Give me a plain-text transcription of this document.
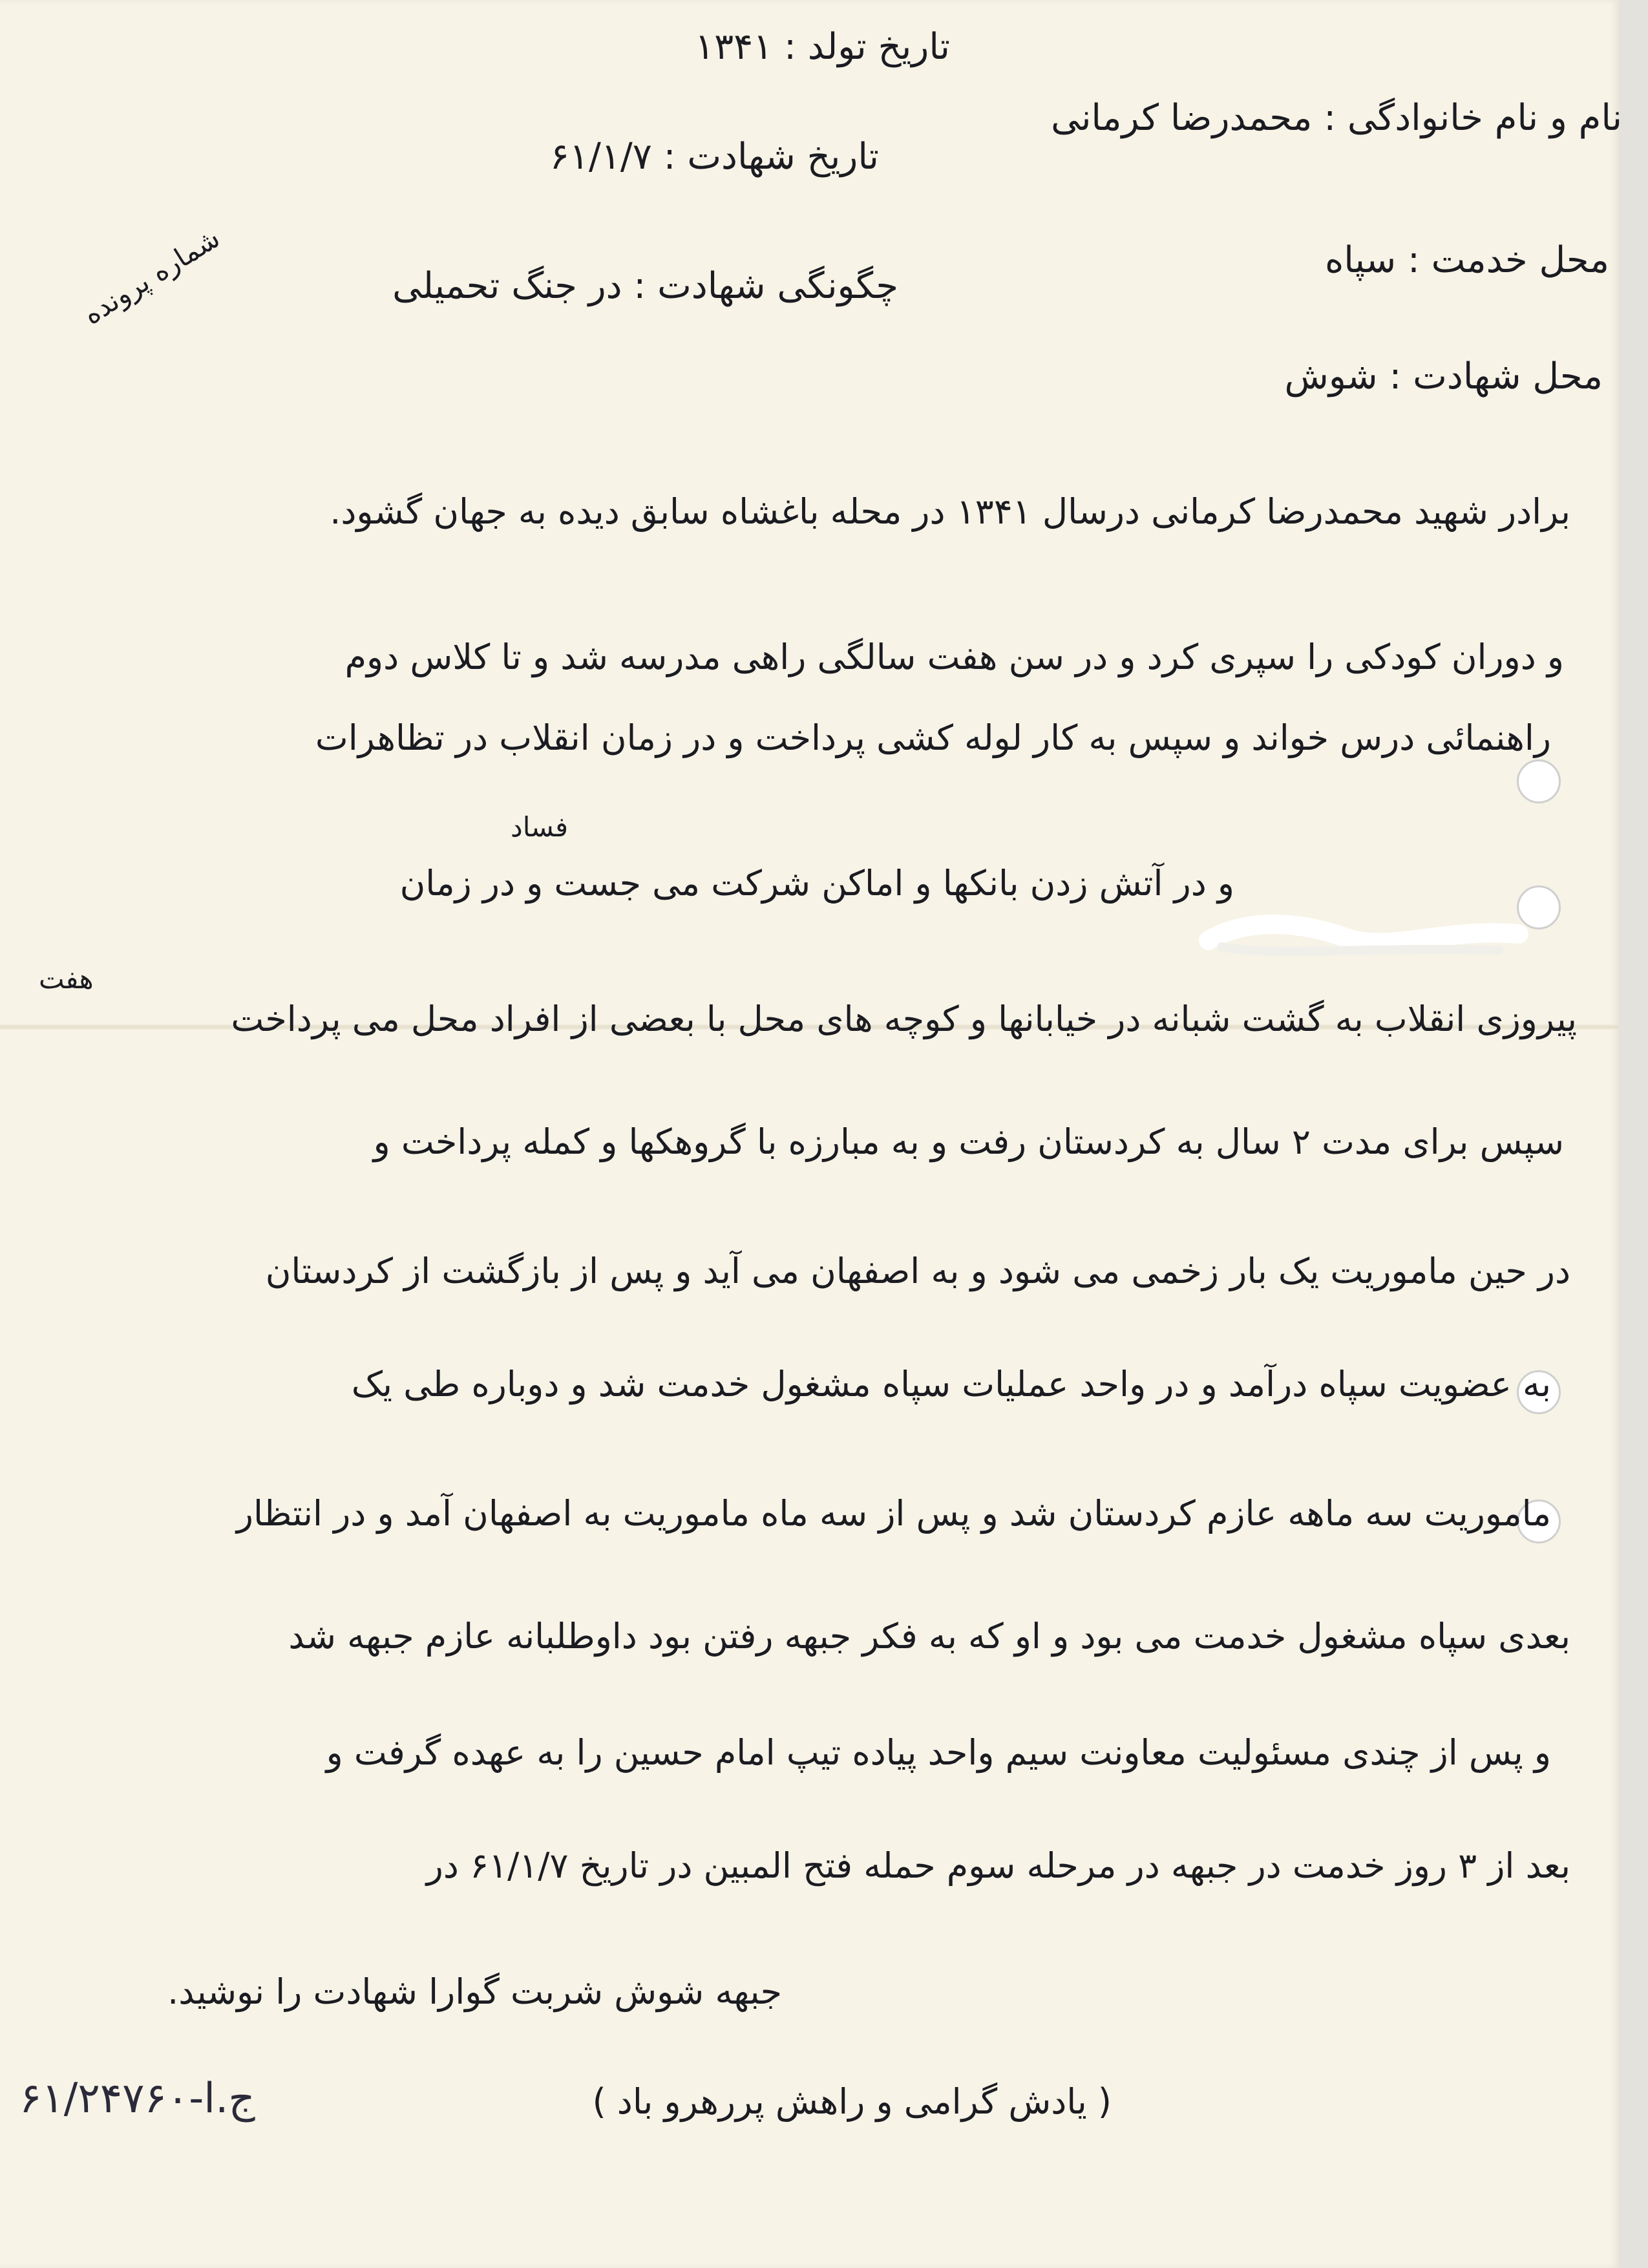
تاریخ تولد : ۱۳۴۱
نام و نام خانوادگی : محمدرضا کرمانی
تاریخ شهادت : ۶۱/۱/۷
محل خدمت : سپاه
چگونگی شهادت : در جنگ تحمیلی
محل شهادت : شوش
شماره پرونده
برادر شهید محمدرضا کرمانی درسال ۱۳۴۱ در محله باغشاه سابق دیده به جهان گشود.
و دوران کودکی را سپری کرد و در سن هفت سالگی راهی مدرسه شد و تا کلاس دوم
راهنمائی درس خواند و سپس به کار لوله کشی پرداخت و در زمان انقلاب در تظاهرات
فساد
و در آتش زدن بانکها و اماکن شرکت می جست و در زمان
هفت
پیروزی انقلاب به گشت شبانه در خیابانها و کوچه های محل با بعضی از افراد محل می پرداخت
سپس برای مدت ۲ سال به کردستان رفت و به مبارزه با گروهکها و کمله پرداخت و
در حین ماموریت یک بار زخمی می شود و به اصفهان می آید و پس از بازگشت از کردستان
به عضویت سپاه درآمد و در واحد عملیات سپاه مشغول خدمت شد و دوباره طی یک
ماموریت سه ماهه عازم کردستان شد و پس از سه ماه ماموریت به اصفهان آمد و در انتظار
بعدی سپاه مشغول خدمت می بود و او که به فکر جبهه رفتن بود داوطلبانه عازم جبهه شد
و پس از چندی مسئولیت معاونت سیم واحد پیاده تیپ امام حسین را به عهده گرفت و
بعد از ۳ روز خدمت در جبهه در مرحله سوم حمله فتح المبین در تاریخ ۶۱/۱/۷ در
جبهه شوش شربت گوارا شهادت را نوشید.
( یادش گرامی و راهش پررهرو باد )
ج.ا-۶۱/۲۴۷۶۰
